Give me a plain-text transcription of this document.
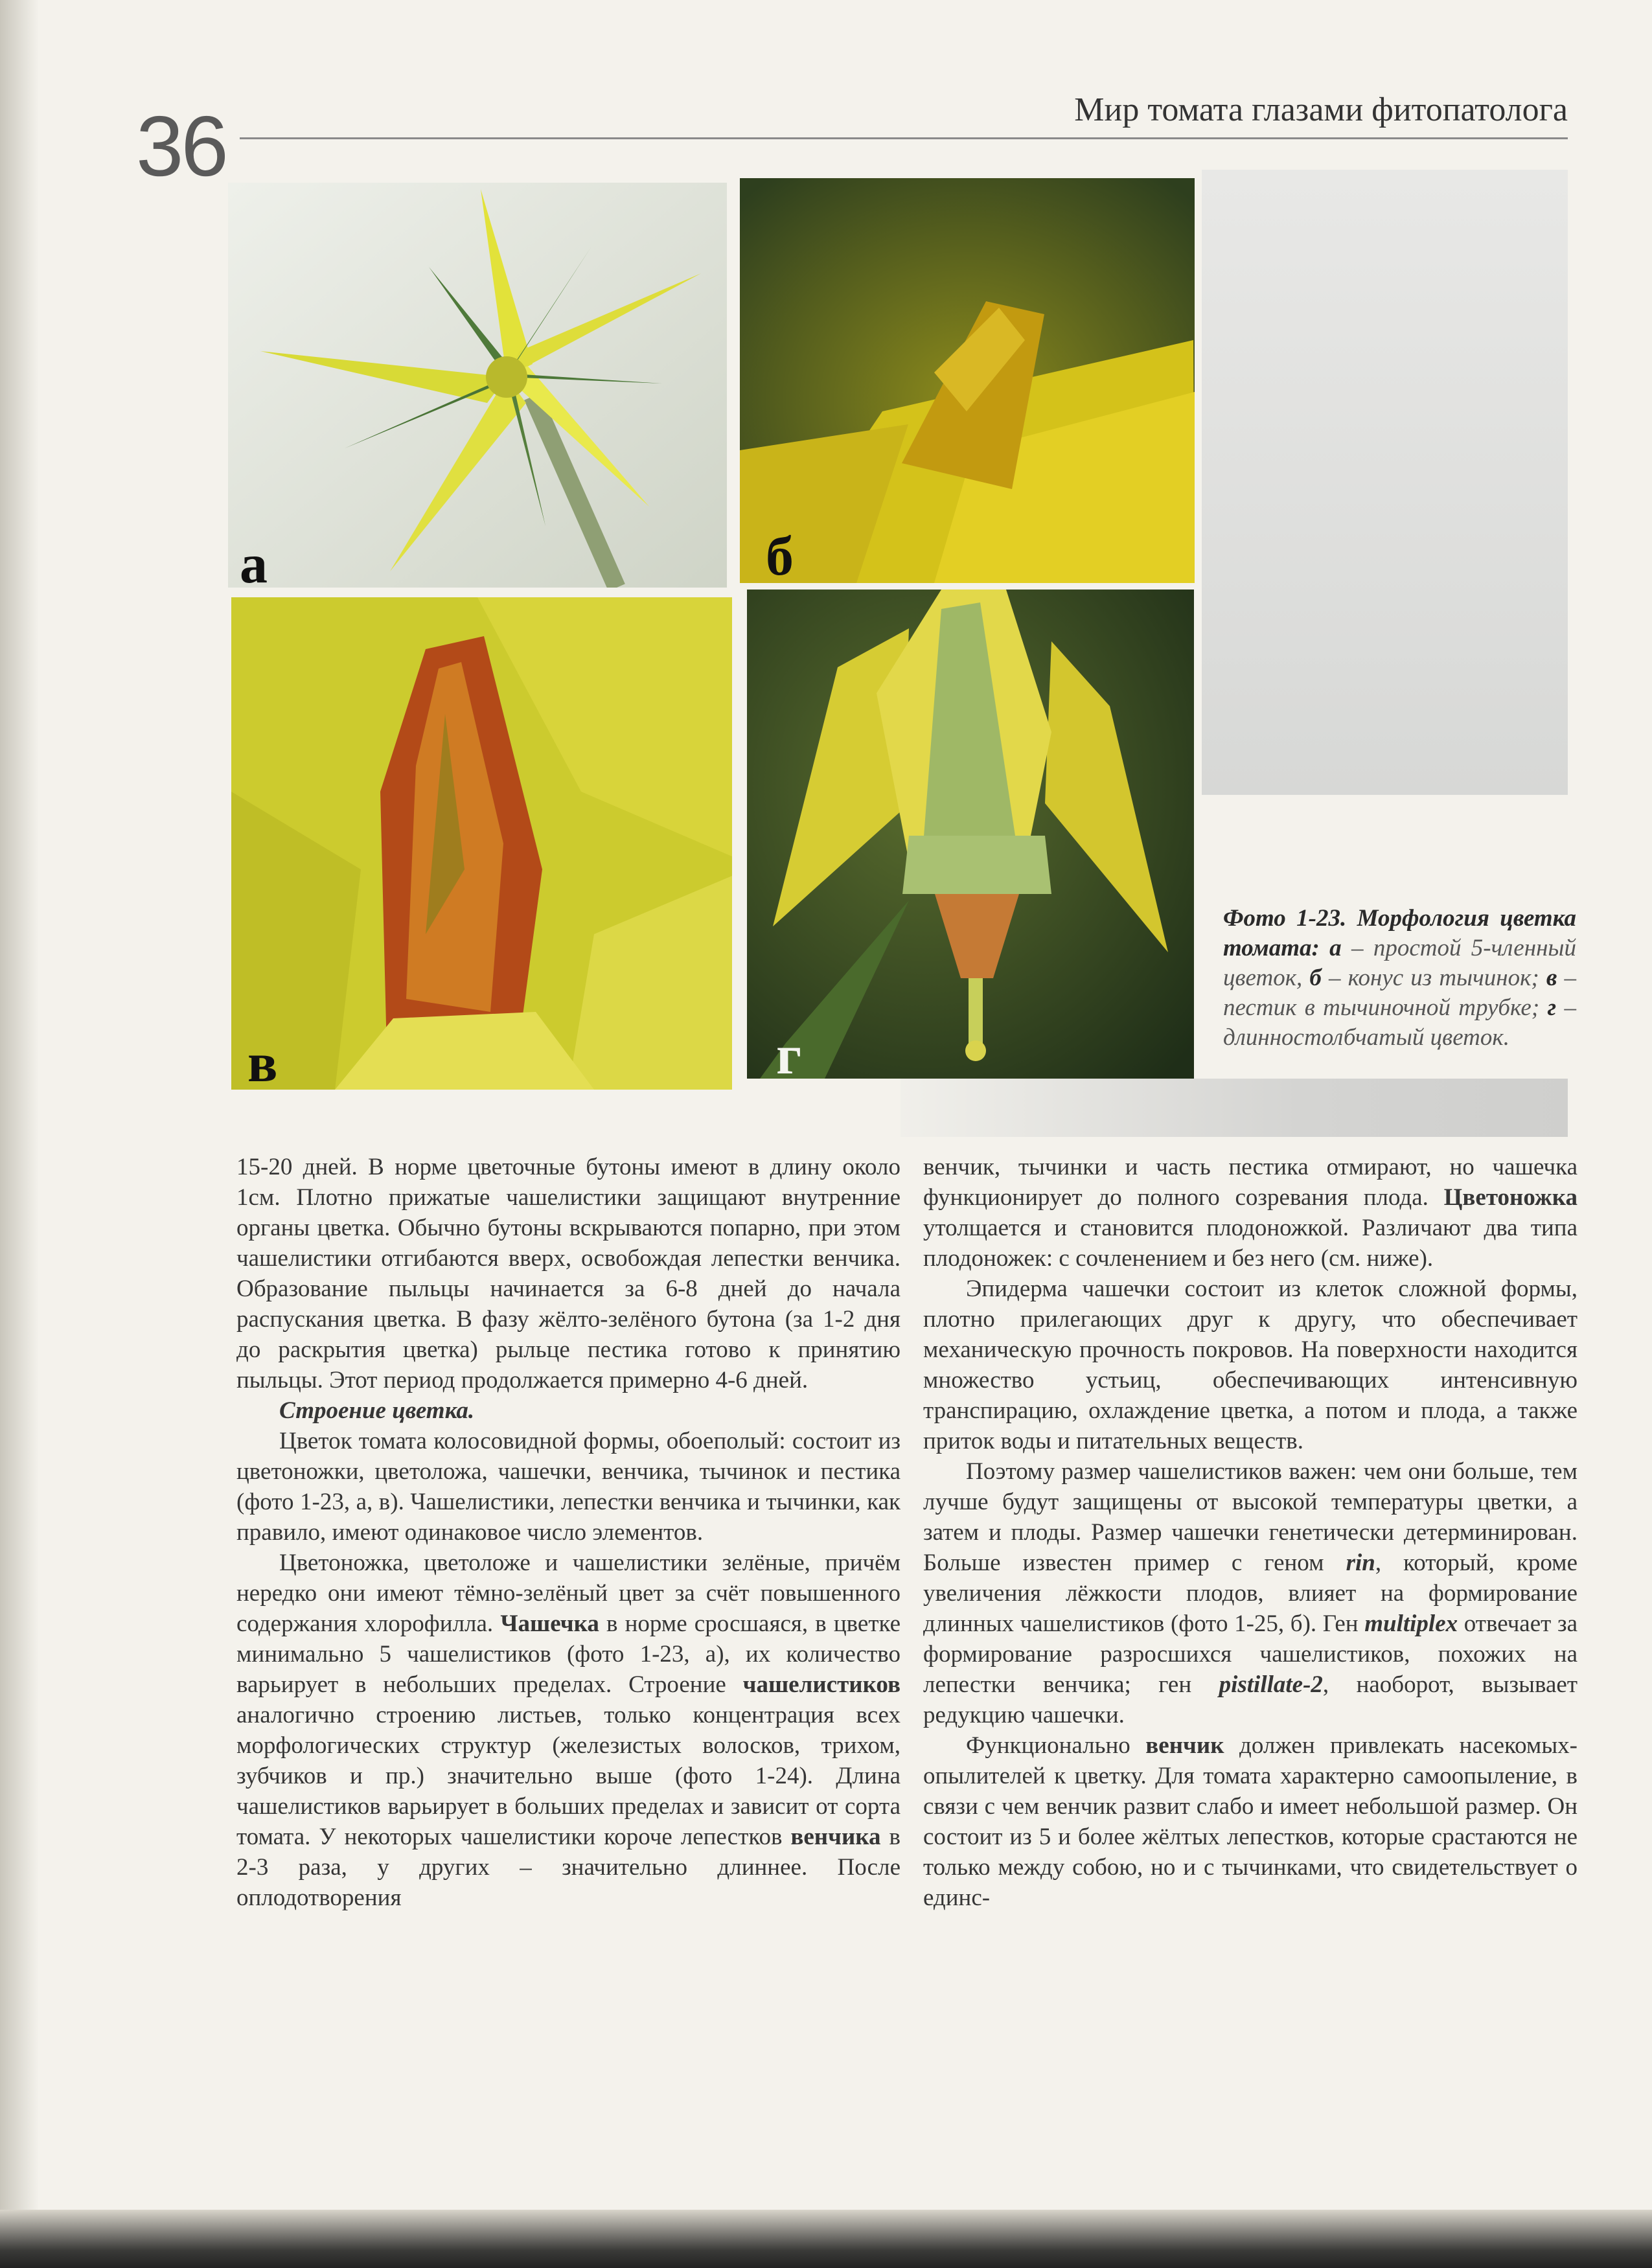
36	Мир томата глазами фитопатолога
а	б
в	г
Фото 1-23. Морфология цветка томата: а – простой 5-членный цветок, б – конус из тычинок; в – пестик в тычиночной трубке; г – длинностолбчатый цветок.

15-20 дней. В норме цветочные бутоны имеют в длину около 1см. Плотно прижатые чашелистики защищают внутренние органы цветка. Обычно бутоны вскрываются попарно, при этом чашелистики отгибаются вверх, освобождая лепестки венчика. Образование пыльцы начинается за 6-8 дней до начала распускания цветка. В фазу жёлто-зелёного бутона (за 1-2 дня до раскрытия цветка) рыльце пестика готово к принятию пыльцы. Этот период продолжается примерно 4-6 дней.

Строение цветка.

Цветок томата колосовидной формы, обоеполый: состоит из цветоножки, цветоложа, чашечки, венчика, тычинок и пестика (фото 1-23, а, в). Чашелистики, лепестки венчика и тычинки, как правило, имеют одинаковое число элементов.

Цветоножка, цветоложе и чашелистики зелёные, причём нередко они имеют тёмно-зелёный цвет за счёт повышенного содержания хлорофилла. Чашечка в норме сросшаяся, в цветке минимально 5 чашелистиков (фото 1-23, а), их количество варьирует в небольших пределах. Строение чашелистиков аналогично строению листьев, только концентрация всех морфологических структур (железистых волосков, трихом, зубчиков и пр.) значительно выше (фото 1-24). Длина чашелистиков варьирует в больших пределах и зависит от сорта томата. У некоторых чашелистики короче лепестков венчика в 2-3 раза, у других – значительно длиннее. После оплодотворения

венчик, тычинки и часть пестика отмирают, но чашечка функционирует до полного созревания плода. Цветоножка утолщается и становится плодоножкой. Различают два типа плодоножек: с сочленением и без него (см. ниже).

Эпидерма чашечки состоит из клеток сложной формы, плотно прилегающих друг к другу, что обеспечивает механическую прочность покровов. На поверхности находится множество устьиц, обеспечивающих интенсивную транспирацию, охлаждение цветка, а потом и плода, а также приток воды и питательных веществ.

Поэтому размер чашелистиков важен: чем они больше, тем лучше будут защищены от высокой температуры цветки, а затем и плоды. Размер чашечки генетически детерминирован. Больше известен пример с геном rin, который, кроме увеличения лёжкости плодов, влияет на формирование длинных чашелистиков (фото 1-25, б). Ген multiplex отвечает за формирование разросшихся чашелистиков, похожих на лепестки венчика; ген pistillate-2, наоборот, вызывает редукцию чашечки.

Функционально венчик должен привлекать насекомых-опылителей к цветку. Для томата характерно самоопыление, в связи с чем венчик развит слабо и имеет небольшой размер. Он состоит из 5 и более жёлтых лепестков, которые срастаются не только между собою, но и с тычинками, что свидетельствует о единс-
